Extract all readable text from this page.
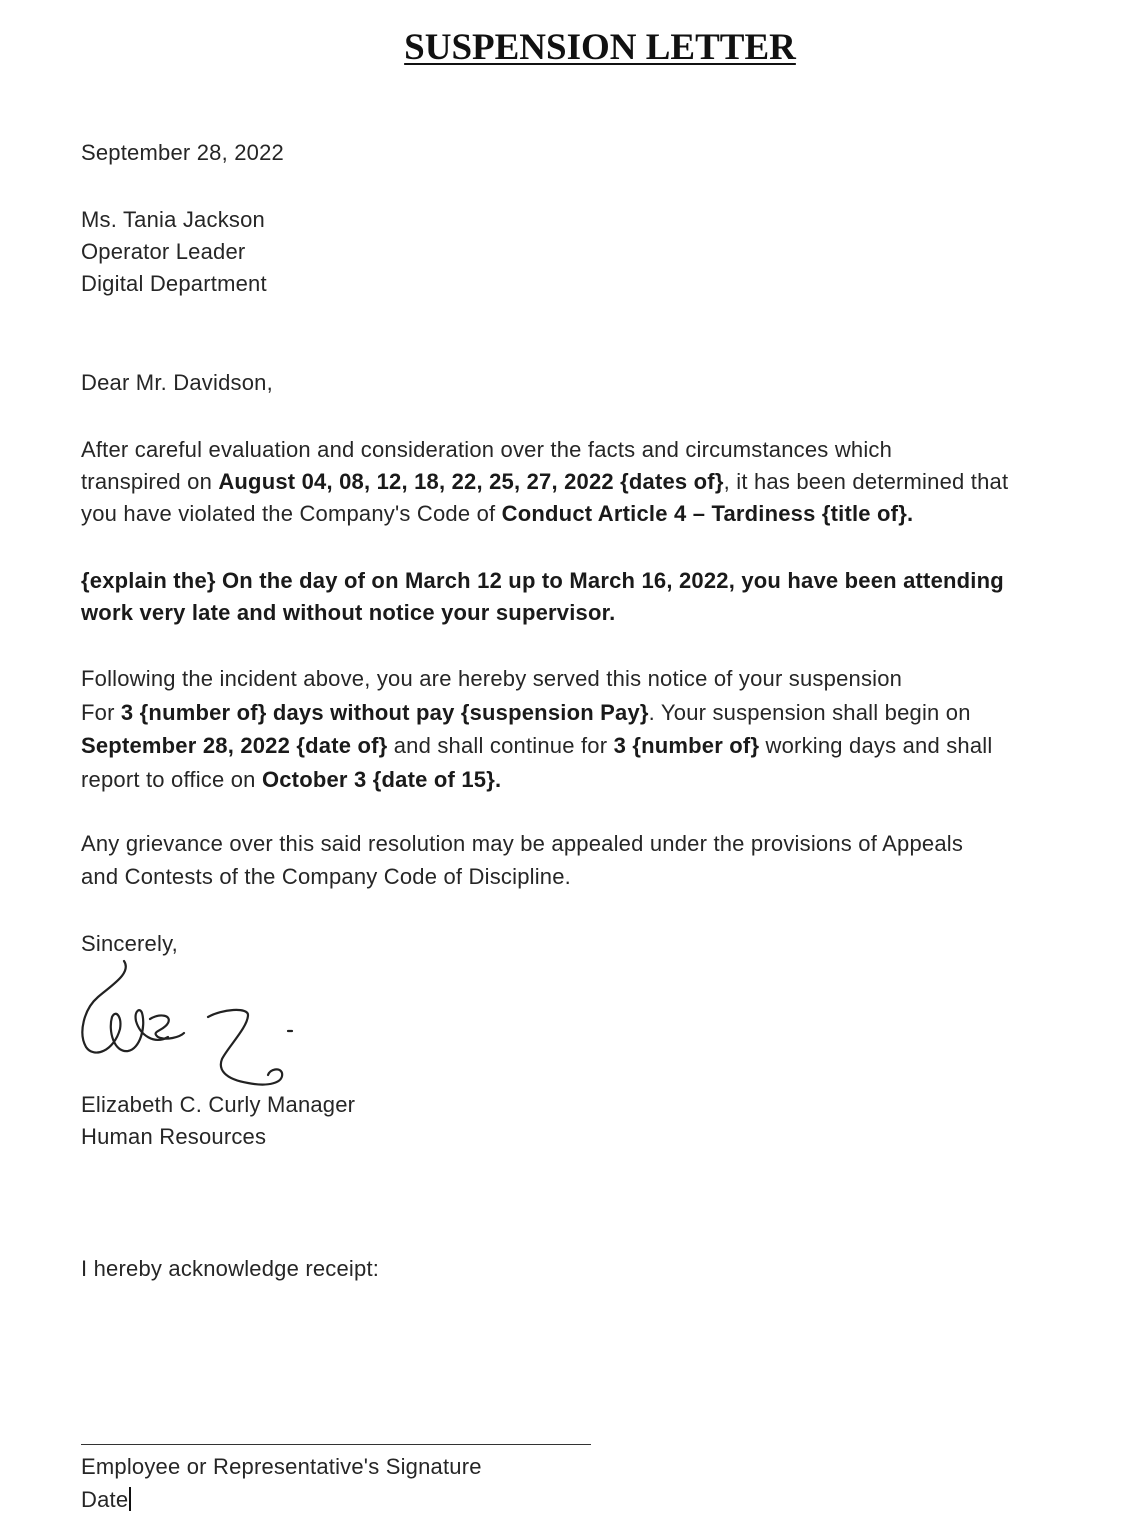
SUSPENSION LETTER
September 28, 2022
Ms. Tania Jackson
Operator Leader
Digital Department
Dear Mr. Davidson,
After careful evaluation and consideration over the facts and circumstances which
transpired on August 04, 08, 12, 18, 22, 25, 27, 2022 {dates of}, it has been determined that
you have violated the Company's Code of Conduct Article 4 – Tardiness {title of}.
{explain the} On the day of on March 12 up to March 16, 2022, you have been attending
work very late and without notice your supervisor.
Following the incident above, you are hereby served this notice of your suspension
For 3 {number of} days without pay {suspension Pay}. Your suspension shall begin on
September 28, 2022 {date of} and shall continue for 3 {number of} working days and shall
report to office on October 3 {date of 15}.
Any grievance over this said resolution may be appealed under the provisions of Appeals
and Contests of the Company Code of Discipline.
Sincerely,
Elizabeth C. Curly Manager
Human Resources
I hereby acknowledge receipt:
Employee or Representative's Signature
Date
